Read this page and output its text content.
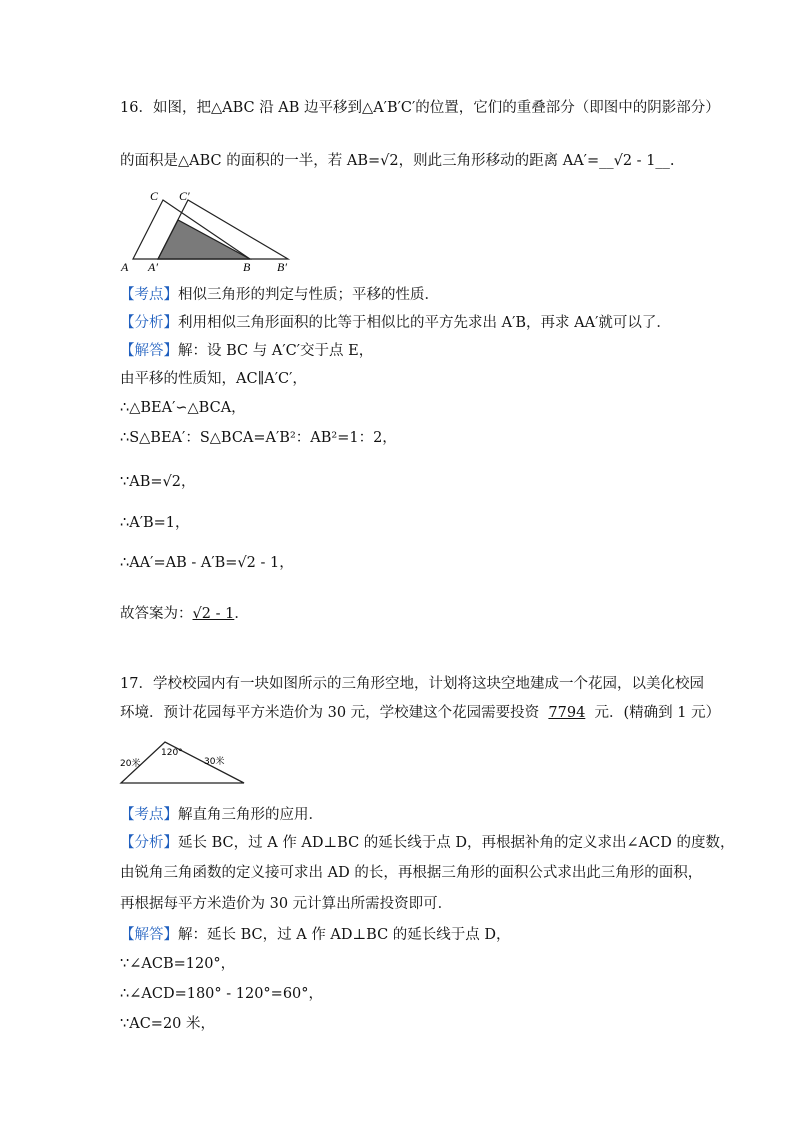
16．如图，把△ABC 沿 AB 边平移到△A′B′C′的位置，它们的重叠部分（即图中的阴影部分）
的面积是△ABC 的面积的一半，若 AB=√2，则此三角形移动的距离 AA′=__√2 - 1__.
C C′
A A′	B B′
【考点】相似三角形的判定与性质；平移的性质．
【分析】利用相似三角形面积的比等于相似比的平方先求出 A′B，再求 AA′就可以了．
【解答】解：设 BC 与 A′C′交于点 E，
由平移的性质知，AC∥A′C′，
∴△BEA′∽△BCA，
∴S△BEA′：S△BCA=A′B²：AB²=1：2，
∵AB=√2，
∴A′B=1，
∴AA′=AB - A′B=√2 - 1，
故答案为：√2 - 1．
17．学校校园内有一块如图所示的三角形空地，计划将这块空地建成一个花园，以美化校园
环境．预计花园每平方米造价为 30 元，学校建这个花园需要投资 7794 元．(精确到 1 元）
20米
120°
30米
【考点】解直角三角形的应用．
【分析】延长 BC，过 A 作 AD⊥BC 的延长线于点 D，再根据补角的定义求出∠ACD 的度数，
由锐角三角函数的定义接可求出 AD 的长，再根据三角形的面积公式求出此三角形的面积，
再根据每平方米造价为 30 元计算出所需投资即可．
【解答】解：延长 BC，过 A 作 AD⊥BC 的延长线于点 D，
∵∠ACB=120°，
∴∠ACD=180° - 120°=60°，
∵AC=20 米，
